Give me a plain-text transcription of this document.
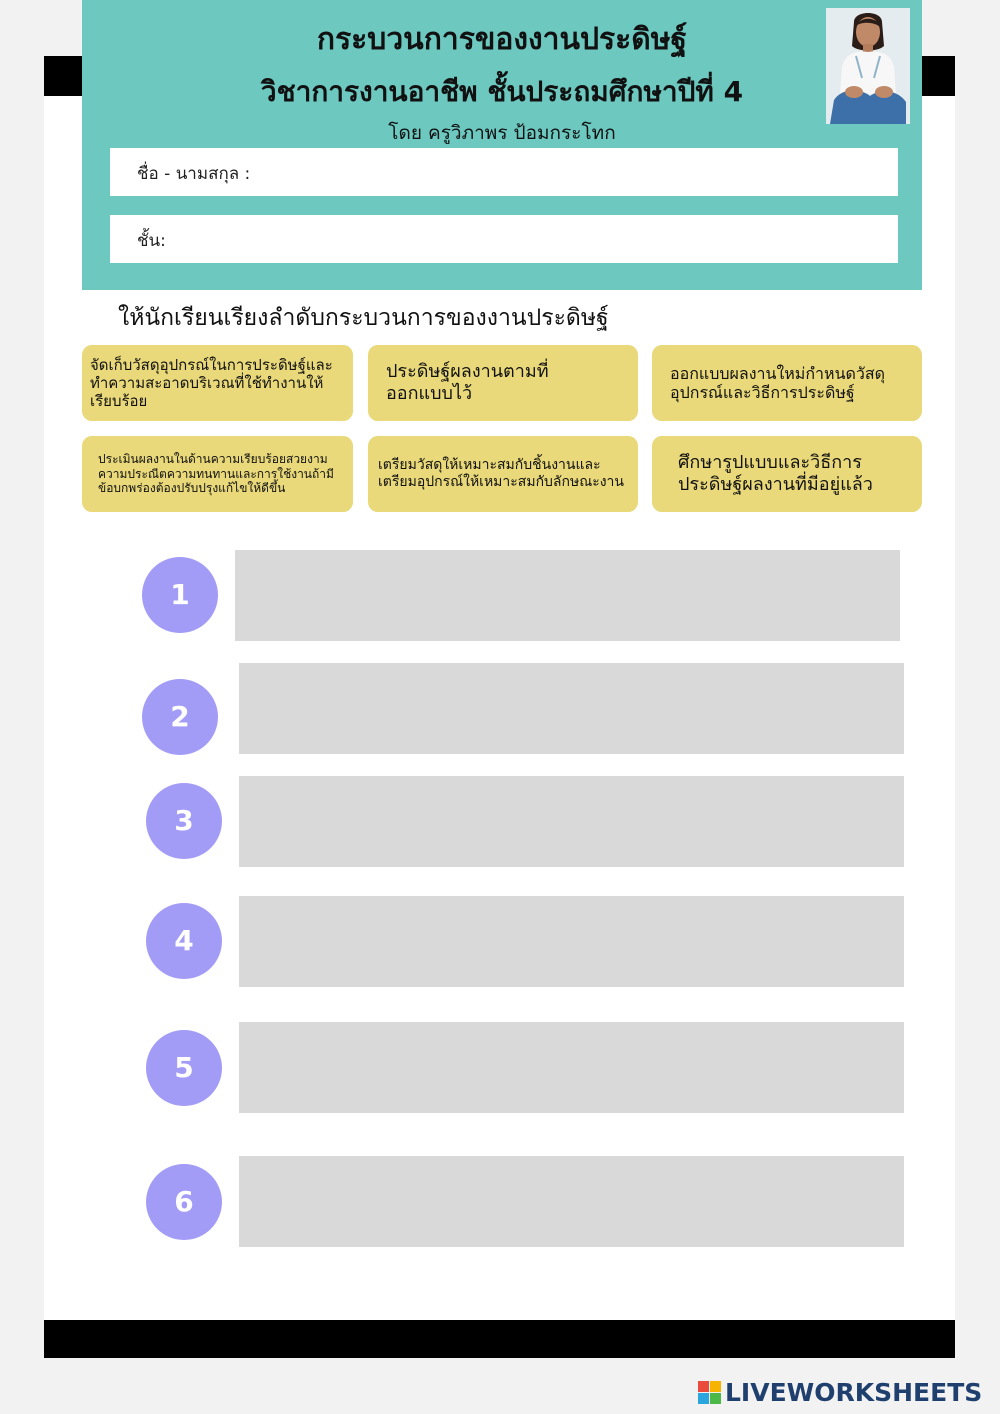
กระบวนการของงานประดิษฐ์
วิชาการงานอาชีพ ชั้นประถมศึกษาปีที่ 4
โดย ครูวิภาพร ป้อมกระโทก
ชื่อ - นามสกุล :
ชั้น:
ให้นักเรียนเรียงลำดับกระบวนการของงานประดิษฐ์
จัดเก็บวัสดุอุปกรณ์ในการประดิษฐ์และทำความสะอาดบริเวณที่ใช้ทำงานให้เรียบร้อย
ประดิษฐ์ผลงานตามที่ออกแบบไว้
ออกแบบผลงานใหม่กำหนดวัสดุอุปกรณ์และวิธีการประดิษฐ์
ประเมินผลงานในด้านความเรียบร้อยสวยงามความประณีตความทนทานและการใช้งานถ้ามีข้อบกพร่องต้องปรับปรุงแก้ไขให้ดีขึ้น
เตรียมวัสดุให้เหมาะสมกับชิ้นงานและเตรียมอุปกรณ์ให้เหมาะสมกับลักษณะงาน
ศึกษารูปแบบและวิธีการประดิษฐ์ผลงานที่มีอยู่แล้ว
1
2
3
4
5
6
LIVEWORKSHEETS
